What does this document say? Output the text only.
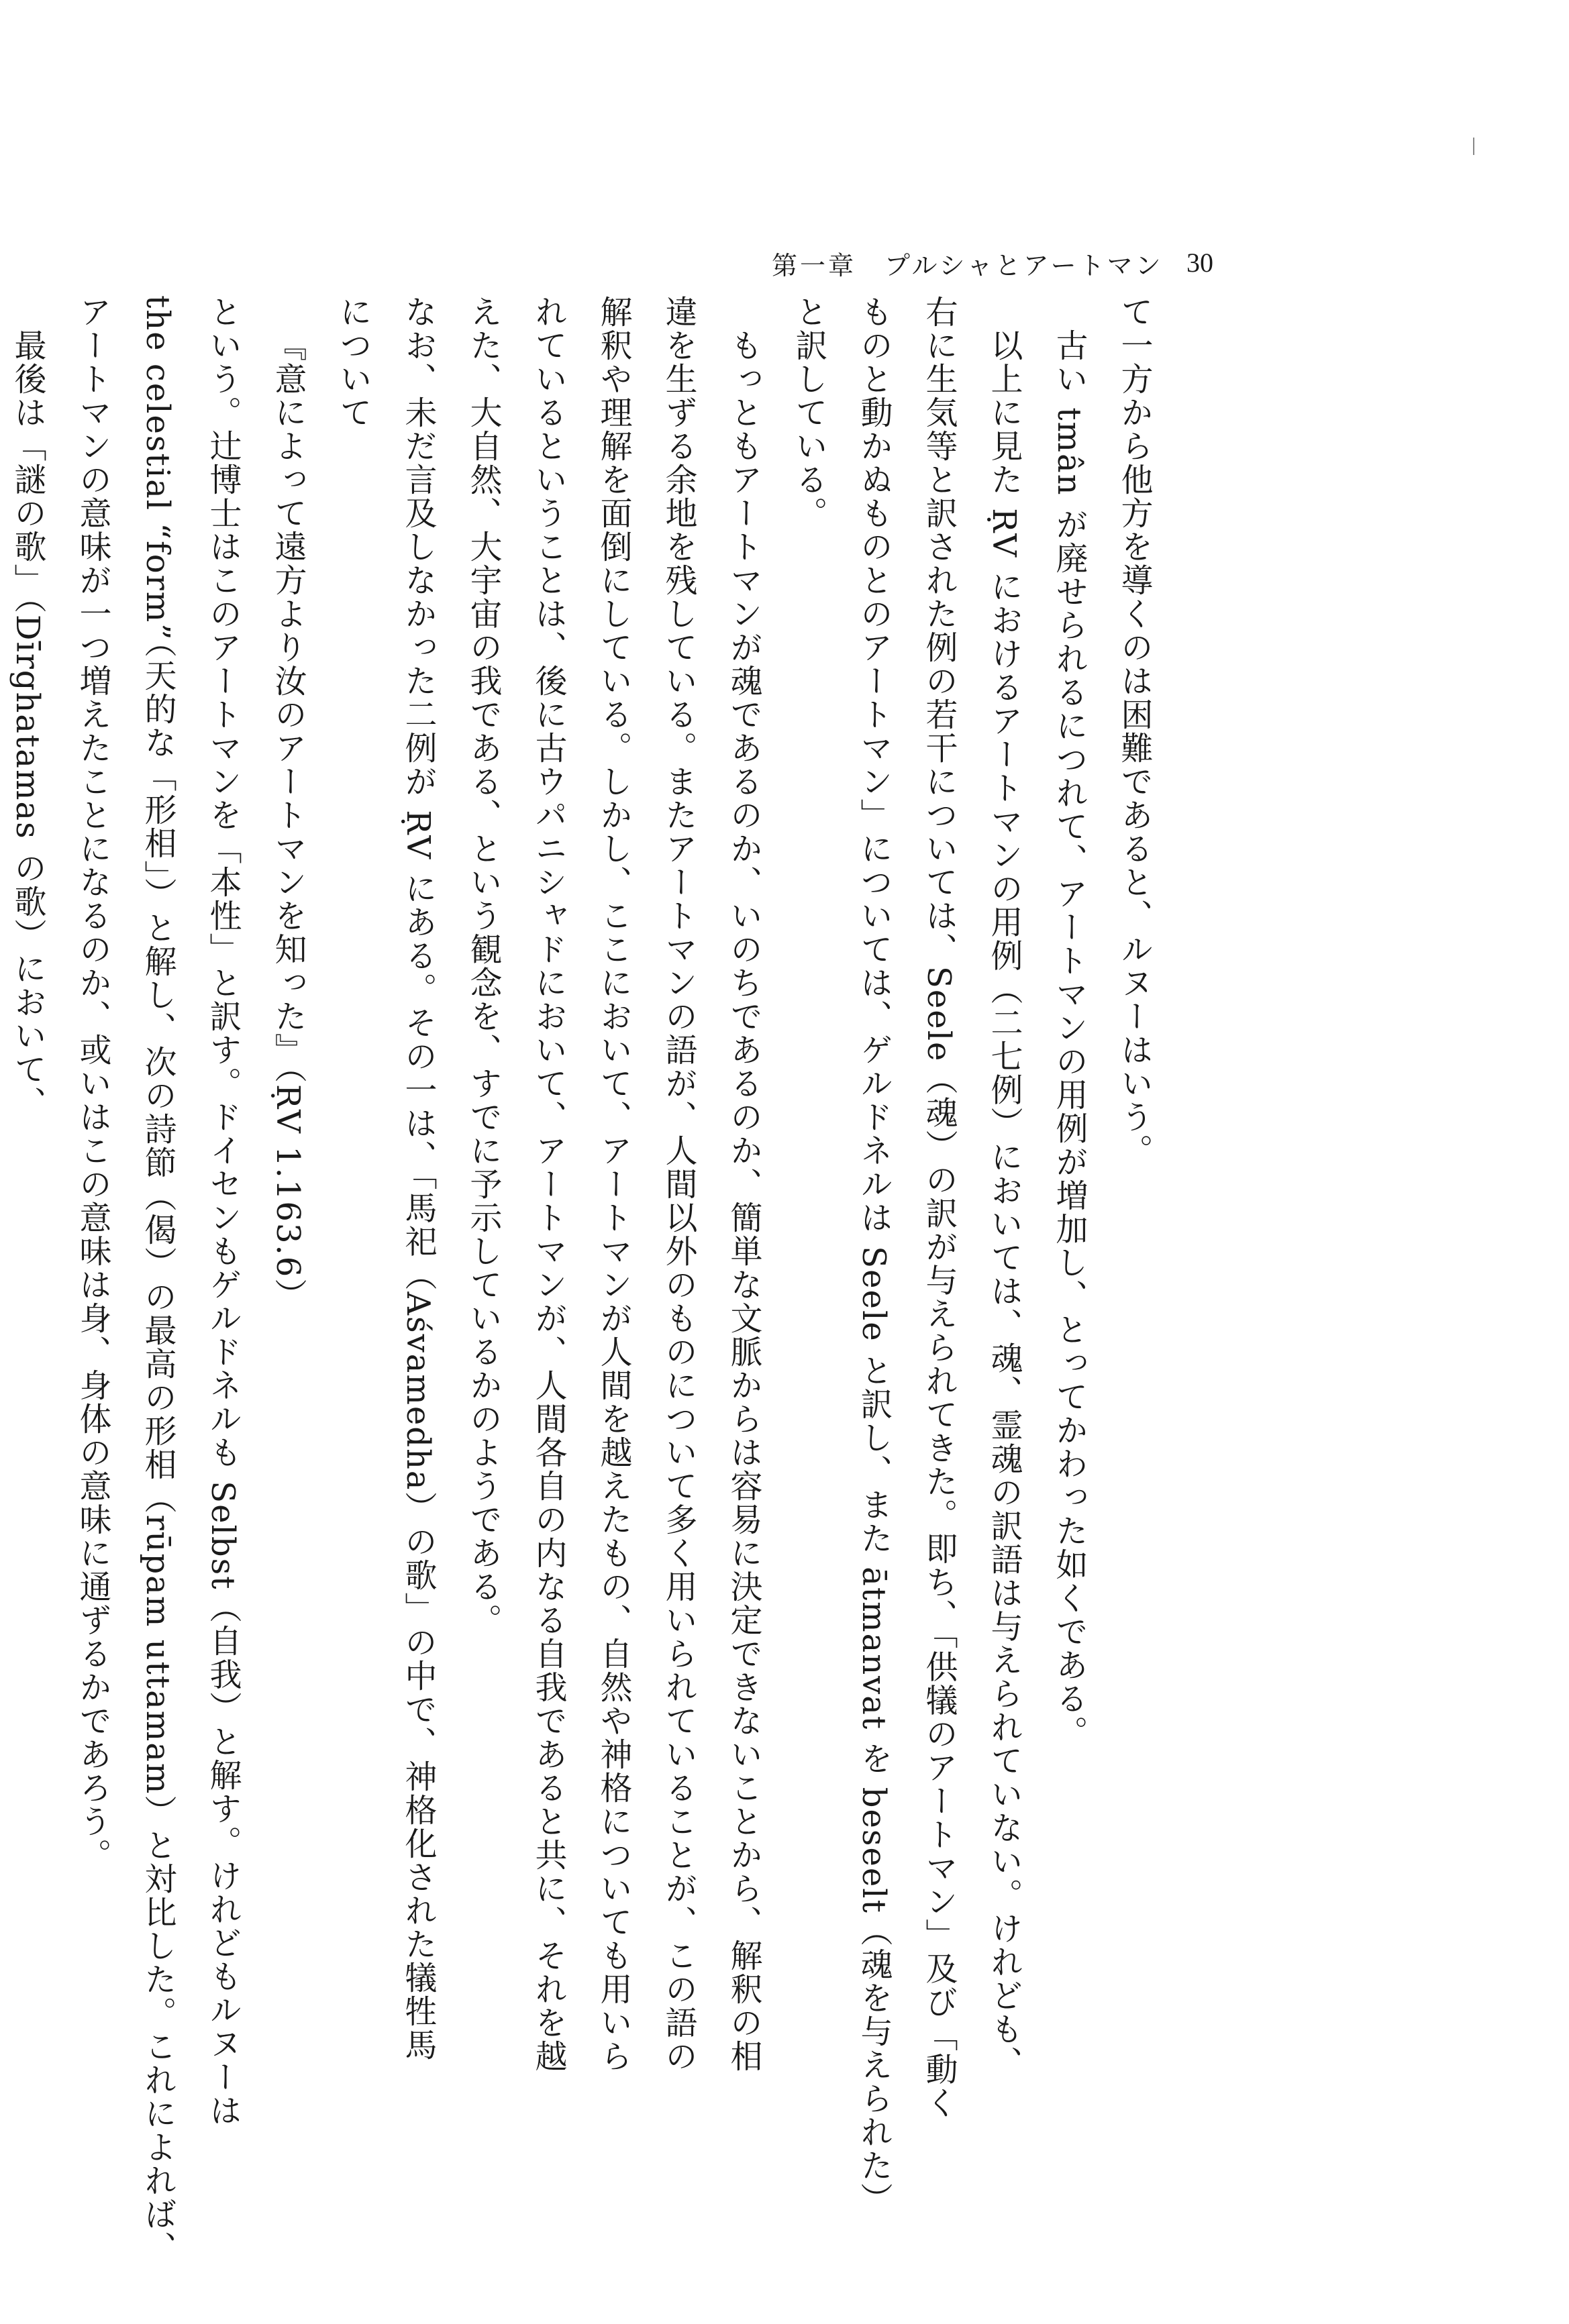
第一章　プルシャとアートマン 30
て一方から他方を導くのは困難であると、ルヌーはいう。
古い tmân が廃せられるにつれて、アートマンの用例が増加し、とってかわった如くである。
以上に見た ṚV におけるアートマンの用例（二七例）においては、魂、霊魂の訳語は与えられていない。けれども、
右に生気等と訳された例の若干については、Seele（魂）の訳が与えられてきた。即ち、「供犠のアートマン」及び「動く
ものと動かぬものとのアートマン」については、ゲルドネルは Seele と訳し、また ātmanvat を beseelt（魂を与えられた）
と訳している。
もっともアートマンが魂であるのか、いのちであるのか、簡単な文脈からは容易に決定できないことから、解釈の相
違を生ずる余地を残している。またアートマンの語が、人間以外のものについて多く用いられていることが、この語の
解釈や理解を面倒にしている。しかし、ここにおいて、アートマンが人間を越えたもの、自然や神格についても用いら
れているということは、後に古ウパニシャドにおいて、アートマンが、人間各自の内なる自我であると共に、それを越
えた、大自然、大宇宙の我である、という観念を、すでに予示しているかのようである。
なお、未だ言及しなかった二例が ṚV にある。その一は、「馬祀（Aśvamedha）の歌」の中で、神格化された犠牲馬
について
『意によって遠方より汝のアートマンを知った』（ṚV 1.163.6）
という。辻博士はこのアートマンを「本性」と訳す。ドイセンもゲルドネルも Selbst（自我）と解す。けれどもルヌーは
the celestial “form”（天的な「形相」）と解し、次の詩節（偈）の最高の形相（rūpam uttamam）と対比した。これによれば、
アートマンの意味が一つ増えたことになるのか、或いはこの意味は身、身体の意味に通ずるかであろう。
最後は「謎の歌」（Dīrghatamas の歌）において、
